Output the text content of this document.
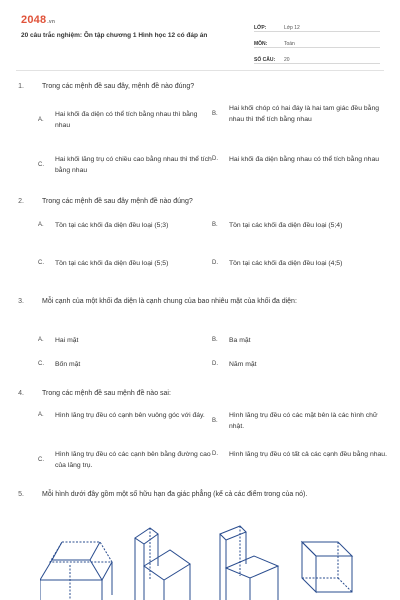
2048.vn
20 câu trắc nghiệm: Ôn tập chương 1 Hình học 12 có đáp án
LỚP:	Lớp 12
MÔN:	Toán
SỐ CÂU:	20
1.	Trong các mệnh đề sau đây, mệnh đề nào đúng?
A.
Hai khối đa diện có thể tích bằng nhau thì bằng nhau
B.
Hai khối chóp có hai đáy là hai tam giác đều bằng nhau thì thể tích bằng nhau
C.
Hai khối lăng trụ có chiều cao bằng nhau thì thể tích bằng nhau
D. Hai khối đa diện bằng nhau có thể tích bằng nhau
2.	Trong các mệnh đề sau đây mệnh đề nào đúng?
A. Tồn tại các khối đa diện đều loại (5;3)	B. Tồn tại các khối đa diện đều loại (5;4)
C. Tồn tại các khối đa diện đều loại (5;5)	D. Tồn tại các khối đa diện đều loại (4;5)
3.	Mỗi cạnh của một khối đa diện là cạnh chung của bao nhiêu mặt của khối đa diện:
A. Hai mặt	B. Ba mặt
C. Bốn mặt	D. Năm mặt
4.	Trong các mệnh đề sau mệnh đề nào sai:
A. Hình lăng trụ đều có cạnh bên vuông góc với đáy.
B.
Hình lăng trụ đều có các mặt bên là các hình chữ nhật.
C.
Hình lăng trụ đều có các cạnh bên bằng đường cao của lăng trụ.
D. Hình lăng trụ đều có tất cả các cạnh đều bằng nhau.
5.	Mỗi hình dưới đây gồm một số hữu hạn đa giác phẳng (kể cả các điểm trong của nó).
